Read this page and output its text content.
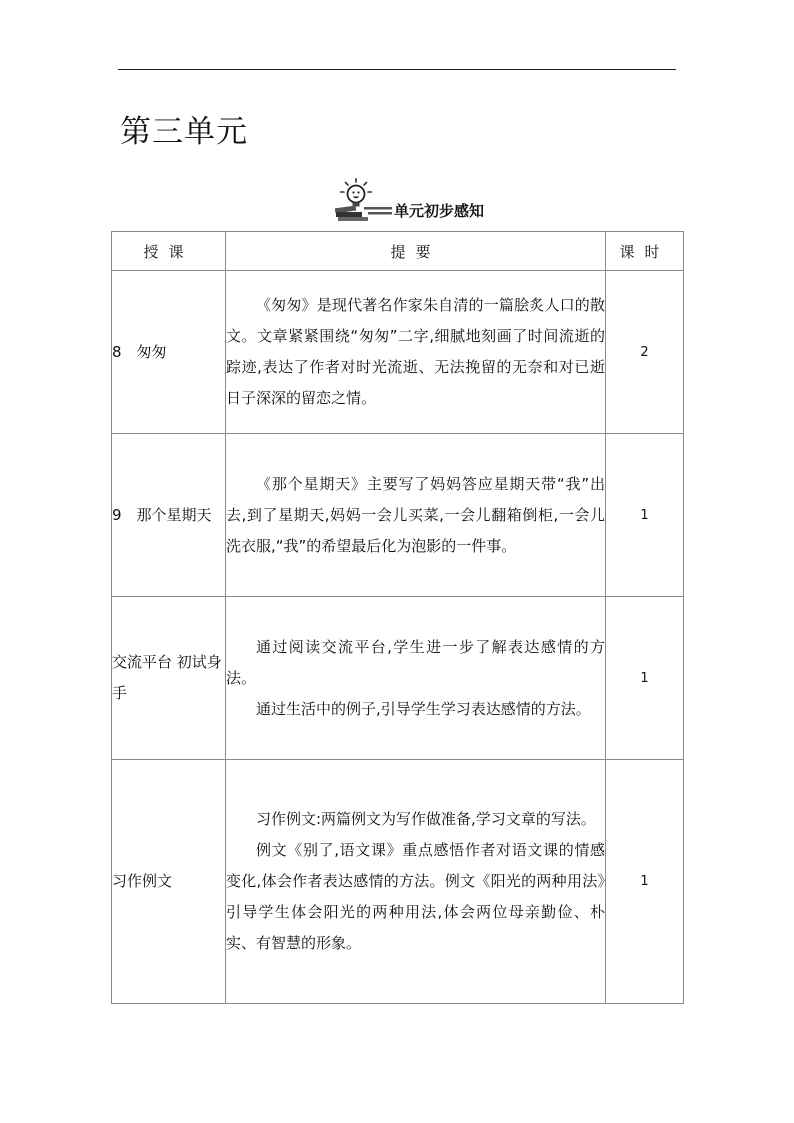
第三单元
单元初步感知
授课	提要	课时
8　匆匆	《匆匆》是现代著名作家朱自清的一篇脍炙人口的散文。文章紧紧围绕“匆匆”二字,细腻地刻画了时间流逝的踪迹,表达了作者对时光流逝、无法挽留的无奈和对已逝日子深深的留恋之情。	2
9　那个星期天	《那个星期天》主要写了妈妈答应星期天带“我”出去,到了星期天,妈妈一会儿买菜,一会儿翻箱倒柜,一会儿洗衣服,“我”的希望最后化为泡影的一件事。	1
交流平台 初试身手	通过阅读交流平台,学生进一步了解表达感情的方法。

通过生活中的例子,引导学生学习表达感情的方法。	1
习作例文	习作例文:两篇例文为写作做准备,学习文章的写法。

例文《别了,语文课》重点感悟作者对语文课的情感变化,体会作者表达感情的方法。例文《阳光的两种用法》引导学生体会阳光的两种用法,体会两位母亲勤俭、朴实、有智慧的形象。	1
